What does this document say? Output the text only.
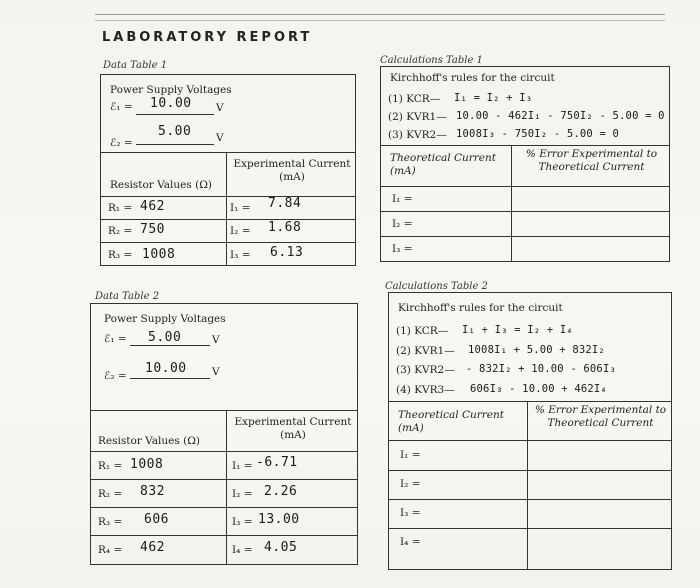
LABORATORY REPORT
Data Table 1
Power Supply Voltages
ℰ₁ = 10.00 V
ℰ₂ =
5.00 V
Resistor Values (Ω)
Experimental Current (mA)
R₁ = 462	I₁ = 7.84
R₂ = 750	I₂ = 1.68
R₃ = 1008	I₃ = 6.13
Data Table 2
Power Supply Voltages
ℰ₁ = 5.00	V
ℰ₂ = 10.00 V
Resistor Values (Ω)
Experimental Current (mA)
R₁ = 1008	I₁ = -6.71
R₂ = 832	I₂ = 2.26
R₃ = 606	I₃ = 13.00
R₄ = 462	I₄ = 4.05
Calculations Table 1
Kirchhoff's rules for the circuit
(1) KCR— I₁ = I₂ + I₃
(2) KVR1— 10.00 - 462I₁ - 750I₂ - 5.00 = 0
(3) KVR2— 1008I₃ - 750I₂ - 5.00 = 0
Theoretical Current (mA)
% Error Experimental to Theoretical Current
I₁ =
I₂ =
I₃ =
Calculations Table 2
Kirchhoff's rules for the circuit
(1) KCR— I₁ + I₃ = I₂ + I₄
(2) KVR1— 1008I₁ + 5.00 + 832I₂
(3) KVR2— - 832I₂ + 10.00 - 606I₃
(4) KVR3— 606I₃ - 10.00 + 462I₄
Theoretical Current (mA)
% Error Experimental to Theoretical Current
I₁ =
I₂ =
I₃ =
I₄ =
